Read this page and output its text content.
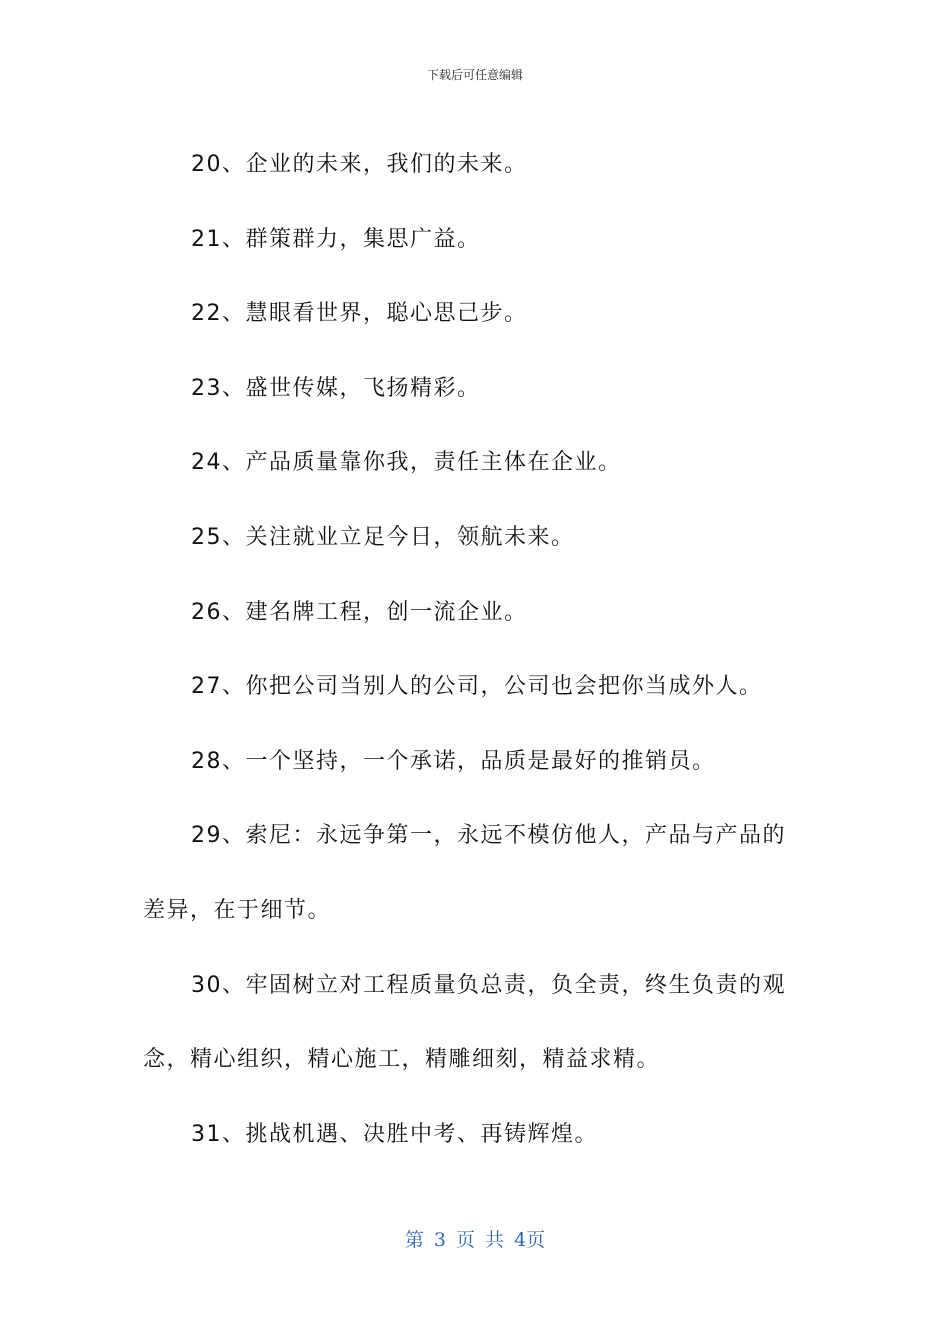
下载后可任意编辑

20、企业的未来，我们的未来。

21、群策群力，集思广益。

22、慧眼看世界，聪心思己步。

23、盛世传媒，飞扬精彩。

24、产品质量靠你我，责任主体在企业。

25、关注就业立足今日，领航未来。

26、建名牌工程，创一流企业。

27、你把公司当别人的公司，公司也会把你当成外人。

28、一个坚持，一个承诺，品质是最好的推销员。

29、索尼：永远争第一，永远不模仿他人，产品与产品的

差异，在于细节。

30、牢固树立对工程质量负总责，负全责，终生负责的观

念，精心组织，精心施工，精雕细刻，精益求精。

31、挑战机遇、决胜中考、再铸辉煌。

第 3 页 共 4页
